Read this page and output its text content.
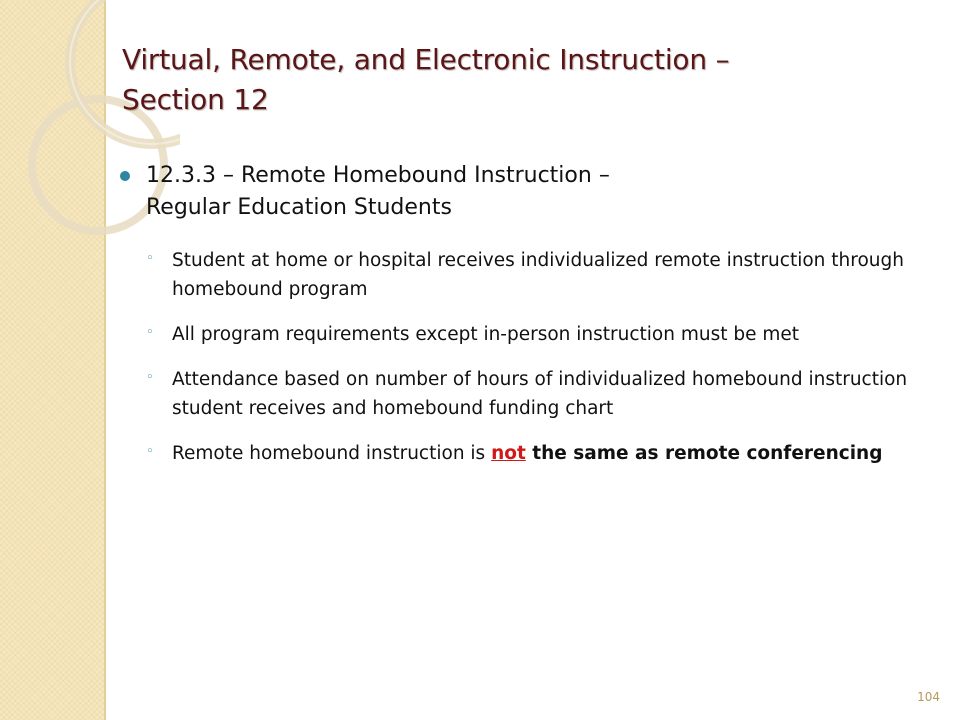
Virtual, Remote, and Electronic Instruction –
Section 12
12.3.3 – Remote Homebound Instruction –
Regular Education Students
◦ Student at home or hospital receives individualized remote instruction through homebound program
◦ All program requirements except in-person instruction must be met
◦ Attendance based on number of hours of individualized homebound instruction student receives and homebound funding chart
◦ Remote homebound instruction is not the same as remote conferencing
104
